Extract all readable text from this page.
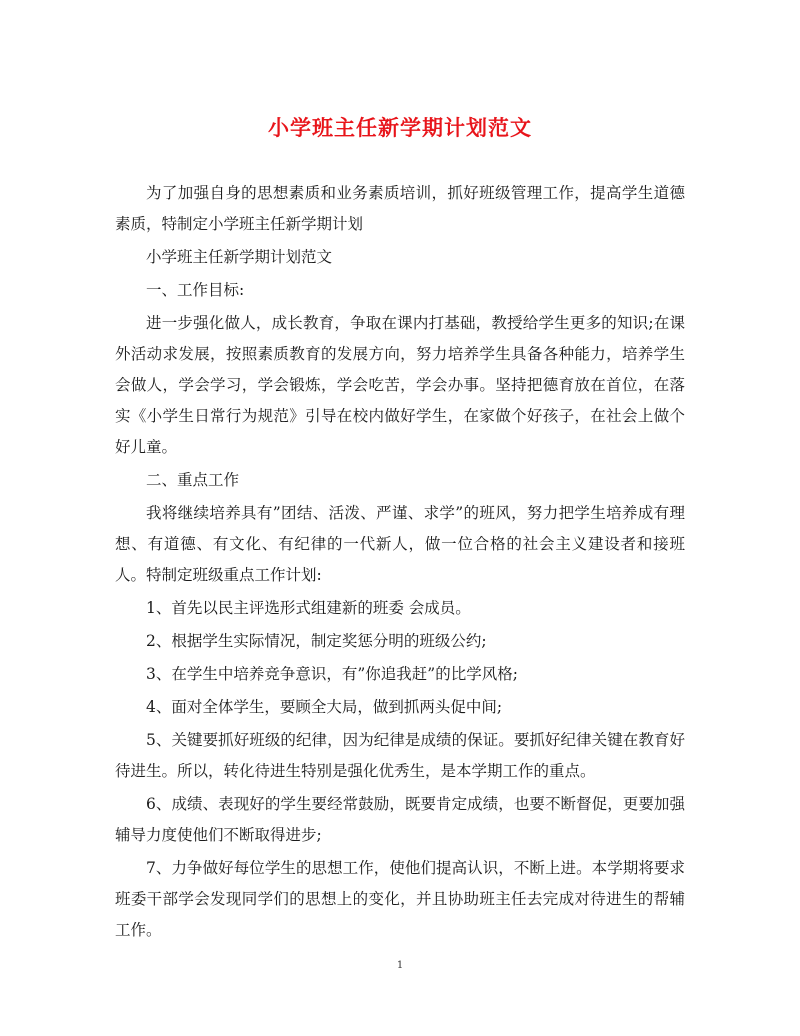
小学班主任新学期计划范文

为了加强自身的思想素质和业务素质培训，抓好班级管理工作，提高学生道德素质，特制定小学班主任新学期计划

小学班主任新学期计划范文

一、工作目标:

进一步强化做人，成长教育，争取在课内打基础，教授给学生更多的知识;在课外活动求发展，按照素质教育的发展方向，努力培养学生具备各种能力，培养学生会做人，学会学习，学会锻炼，学会吃苦，学会办事。坚持把德育放在首位，在落实《小学生日常行为规范》引导在校内做好学生，在家做个好孩子，在社会上做个好儿童。

二、重点工作

我将继续培养具有”团结、活泼、严谨、求学”的班风，努力把学生培养成有理想、有道德、有文化、有纪律的一代新人，做一位合格的社会主义建设者和接班人。特制定班级重点工作计划:

1、首先以民主评选形式组建新的班委 会成员。

2、根据学生实际情况，制定奖惩分明的班级公约;

3、在学生中培养竞争意识，有”你追我赶”的比学风格;

4、面对全体学生，要顾全大局，做到抓两头促中间;

5、关键要抓好班级的纪律，因为纪律是成绩的保证。要抓好纪律关键在教育好待进生。所以，转化待进生特别是强化优秀生，是本学期工作的重点。

6、成绩、表现好的学生要经常鼓励，既要肯定成绩，也要不断督促，更要加强辅导力度使他们不断取得进步;

7、力争做好每位学生的思想工作，使他们提高认识，不断上进。本学期将要求班委干部学会发现同学们的思想上的变化，并且协助班主任去完成对待进生的帮辅工作。

1
